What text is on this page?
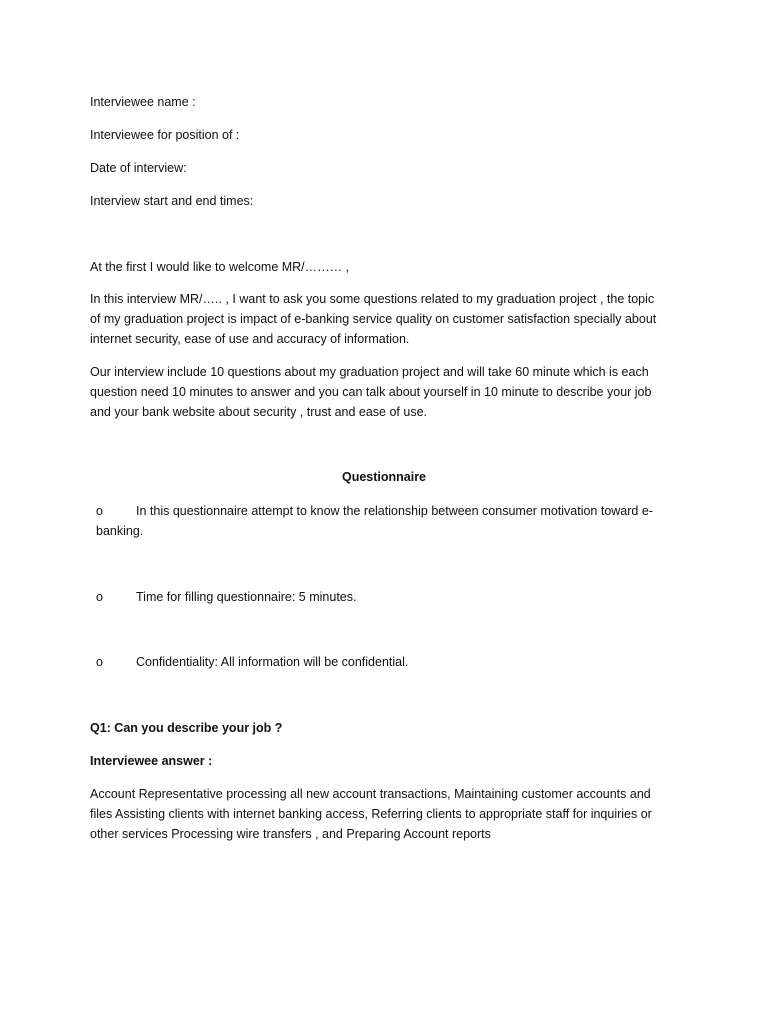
Interviewee name :
Interviewee for position of :
Date of interview:
Interview start and end times:
At the first I would like to welcome MR/……… ,
In this interview MR/….. , I want to ask you some questions related to my graduation project , the topic
of my graduation project is impact of e-banking service quality on customer satisfaction specially about
internet security, ease of use and accuracy of information.
Our interview include 10 questions about my graduation project and will take 60 minute which is each
question need 10 minutes to answer and you can talk about yourself in 10 minute to describe your job
and your bank website about security , trust and ease of use.
Questionnaire
o	In this questionnaire attempt to know the relationship between consumer motivation toward e-
banking.
o	Time for filling questionnaire: 5 minutes.
o	Confidentiality: All information will be confidential.
Q1: Can you describe your job ?
Interviewee answer :
Account Representative processing all new account transactions, Maintaining customer accounts and
files Assisting clients with internet banking access, Referring clients to appropriate staff for inquiries or
other services Processing wire transfers , and Preparing Account reports
